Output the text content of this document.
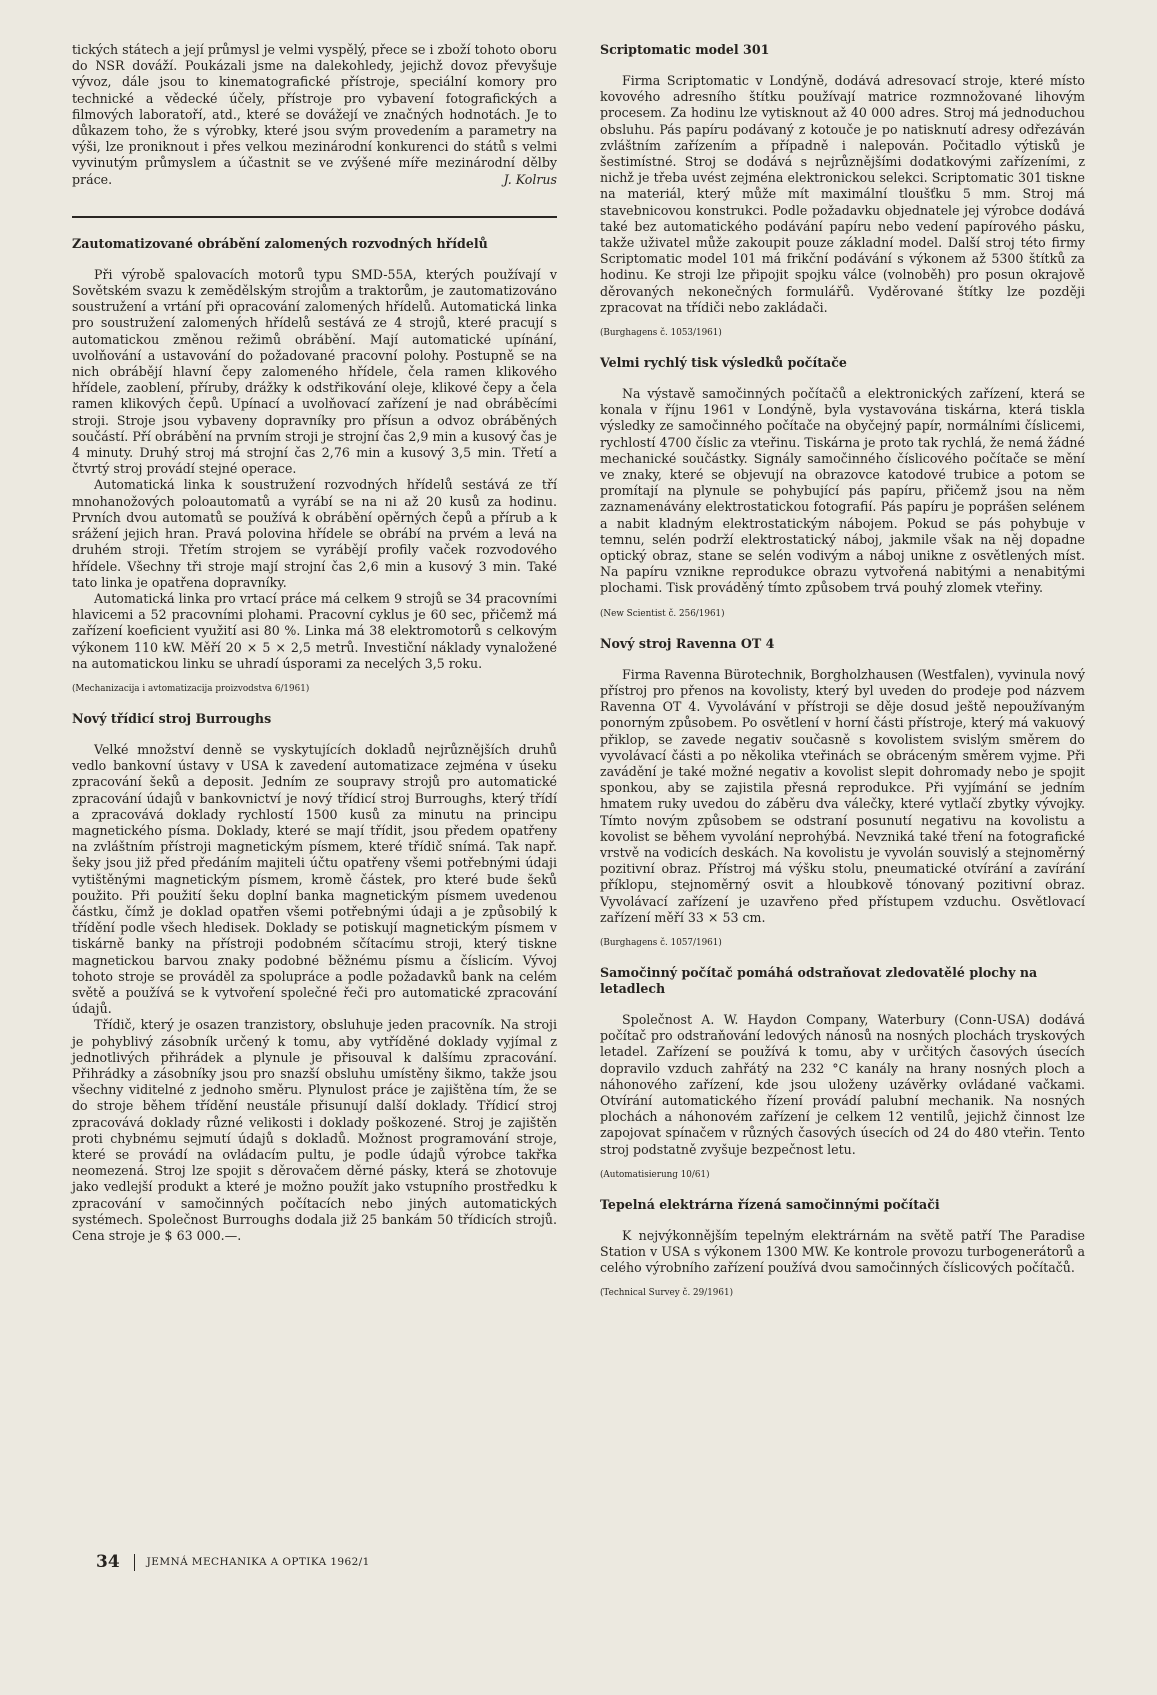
tických státech a její průmysl je velmi vyspělý, přece se i zboží tohoto oboru do NSR dováží. Poukázali jsme na dalekohledy, jejichž dovoz převyšuje vývoz, dále jsou to kinematografické přístroje, speciální komory pro technické a vědecké účely, přístroje pro vybavení fotografických a filmových laboratoří, atd., které se dovážejí ve značných hodnotách. Je to důkazem toho, že s výrobky, které jsou svým provedením a parametry na výši, lze proniknout i přes velkou mezinárodní konkurenci do států s velmi vyvinutým průmyslem a účastnit se ve zvýšené míře mezinárodní dělby práce.	J. Kolrus

Zautomatizované obrábění zalomených rozvodných hřídelů

Při výrobě spalovacích motorů typu SMD-55A, kterých používají v Sovětském svazu k zemědělským strojům a traktorům, je zautomatizováno soustružení a vrtání při opracování zalomených hřídelů. Automatická linka pro soustružení zalomených hřídelů sestává ze 4 strojů, které pracují s automatickou změnou režimů obrábění. Mají automatické upínání, uvolňování a ustavování do požadované pracovní polohy. Postupně se na nich obrábějí hlavní čepy zalomeného hřídele, čela ramen klikového hřídele, zaoblení, příruby, drážky k odstřikování oleje, klikové čepy a čela ramen klikových čepů. Upínací a uvolňovací zařízení je nad obráběcími stroji. Stroje jsou vybaveny dopravníky pro přísun a odvoz obráběných součástí. Pří obrábění na prvním stroji je strojní čas 2,9 min a kusový čas je 4 minuty. Druhý stroj má strojní čas 2,76 min a kusový 3,5 min. Třetí a čtvrtý stroj provádí stejné operace.

Automatická linka k soustružení rozvodných hřídelů sestává ze tří mnohanožových poloautomatů a vyrábí se na ni až 20 kusů za hodinu. Prvních dvou automatů se používá k obrábění opěrných čepů a přírub a k srážení jejich hran. Pravá polovina hřídele se obrábí na prvém a levá na druhém stroji. Třetím strojem se vyrábějí profily vaček rozvodového hřídele. Všechny tři stroje mají strojní čas 2,6 min a kusový 3 min. Také tato linka je opatřena dopravníky.

Automatická linka pro vrtací práce má celkem 9 strojů se 34 pracovními hlavicemi a 52 pracovními plohami. Pracovní cyklus je 60 sec, přičemž má zařízení koeficient využití asi 80 %. Linka má 38 elektromotorů s celkovým výkonem 110 kW. Měří 20 × 5 × 2,5 metrů. Investiční náklady vynaložené na automatickou linku se uhradí úsporami za necelých 3,5 roku.

(Mechanizacija i avtomatizacija proizvodstva 6/1961)

Nový třídicí stroj Burroughs

Velké množství denně se vyskytujících dokladů nejrůznějších druhů vedlo bankovní ústavy v USA k zavedení automatizace zejména v úseku zpracování šeků a deposit. Jedním ze soupravy strojů pro automatické zpracování údajů v bankovnictví je nový třídicí stroj Burroughs, který třídí a zpracovává doklady rychlostí 1500 kusů za minutu na principu magnetického písma. Doklady, které se mají třídit, jsou předem opatřeny na zvláštním přístroji magnetickým písmem, které třídič snímá. Tak např. šeky jsou již před předáním majiteli účtu opatřeny všemi potřebnými údaji vytištěnými magnetickým písmem, kromě částek, pro které bude šeků použito. Při použití šeku doplní banka magnetickým písmem uvedenou částku, čímž je doklad opatřen všemi potřebnými údaji a je způsobilý k třídění podle všech hledisek. Doklady se potiskují magnetickým písmem v tiskárně banky na přístroji podobném sčítacímu stroji, který tiskne magnetickou barvou znaky podobné běžnému písmu a číslicím. Vývoj tohoto stroje se prováděl za spolupráce a podle požadavků bank na celém světě a používá se k vytvoření společné řeči pro automatické zpracování údajů.

Třídič, který je osazen tranzistory, obsluhuje jeden pracovník. Na stroji je pohyblivý zásobník určený k tomu, aby vytříděné doklady vyjímal z jednotlivých přihrádek a plynule je přisouval k dalšímu zpracování. Přihrádky a zásobníky jsou pro snazší obsluhu umístěny šikmo, takže jsou všechny viditelné z jednoho směru. Plynulost práce je zajištěna tím, že se do stroje během třídění neustále přisunují další doklady. Třídicí stroj zpracovává doklady různé velikosti i doklady poškozené. Stroj je zajištěn proti chybnému sejmutí údajů s dokladů. Možnost programování stroje, které se provádí na ovládacím pultu, je podle údajů výrobce takřka neomezená. Stroj lze spojit s děrovačem děrné pásky, která se zhotovuje jako vedlejší produkt a které je možno použít jako vstupního prostředku k zpracování v samočinných počítacích nebo jiných automatických systémech. Společnost Burroughs dodala již 25 bankám 50 třídicích strojů. Cena stroje je $ 63 000.—.

Scriptomatic model 301

Firma Scriptomatic v Londýně, dodává adresovací stroje, které místo kovového adresního štítku používají matrice rozmnožované lihovým procesem. Za hodinu lze vytisknout až 40 000 adres. Stroj má jednoduchou obsluhu. Pás papíru podávaný z kotouče je po natisknutí adresy odřezáván zvláštním zařízením a případně i nalepován. Počitadlo výtisků je šestimístné. Stroj se dodává s nejrůznějšími dodatkovými zařízeními, z nichž je třeba uvést zejména elektronickou selekci. Scriptomatic 301 tiskne na materiál, který může mít maximální tloušťku 5 mm. Stroj má stavebnicovou konstrukci. Podle požadavku objednatele jej výrobce dodává také bez automatického podávání papíru nebo vedení papírového pásku, takže uživatel může zakoupit pouze základní model. Další stroj této firmy Scriptomatic model 101 má frikční podávání s výkonem až 5300 štítků za hodinu. Ke stroji lze připojit spojku válce (volnoběh) pro posun okrajově děrovaných nekonečných formulářů. Vyděrované štítky lze později zpracovat na třídiči nebo zakládači.

(Burghagens č. 1053/1961)

Velmi rychlý tisk výsledků počítače

Na výstavě samočinných počítačů a elektronických zařízení, která se konala v říjnu 1961 v Londýně, byla vystavována tiskárna, která tiskla výsledky ze samočinného počítače na obyčejný papír, normálními číslicemi, rychlostí 4700 číslic za vteřinu. Tiskárna je proto tak rychlá, že nemá žádné mechanické součástky. Signály samočinného číslicového počítače se mění ve znaky, které se objevují na obrazovce katodové trubice a potom se promítají na plynule se pohybující pás papíru, přičemž jsou na něm zaznamenávány elektrostatickou fotografií. Pás papíru je poprášen selénem a nabit kladným elektrostatickým nábojem. Pokud se pás pohybuje v temnu, selén podrží elektrostatický náboj, jakmile však na něj dopadne optický obraz, stane se selén vodivým a náboj unikne z osvětlených míst. Na papíru vznikne reprodukce obrazu vytvořená nabitými a nenabitými plochami. Tisk prováděný tímto způsobem trvá pouhý zlomek vteřiny.

(New Scientist č. 256/1961)

Nový stroj Ravenna OT 4

Firma Ravenna Bürotechnik, Borgholzhausen (Westfalen), vyvinula nový přístroj pro přenos na kovolisty, který byl uveden do prodeje pod názvem Ravenna OT 4. Vyvolávání v přístroji se děje dosud ještě nepoužívaným ponorným způsobem. Po osvětlení v horní části přístroje, který má vakuový přiklop, se zavede negativ současně s kovolistem svislým směrem do vyvolávací části a po několika vteřinách se obráceným směrem vyjme. Při zavádění je také možné negativ a kovolist slepit dohromady nebo je spojit sponkou, aby se zajistila přesná reprodukce. Při vyjímání se jedním hmatem ruky uvedou do záběru dva válečky, které vytlačí zbytky vývojky. Tímto novým způsobem se odstraní posunutí negativu na kovolistu a kovolist se během vyvolání neprohýbá. Nevzniká také tření na fotografické vrstvě na vodicích deskách. Na kovolistu je vyvolán souvislý a stejnoměrný pozitivní obraz. Přístroj má výšku stolu, pneumatické otvírání a zavírání příklopu, stejnoměrný osvit a hloubkově tónovaný pozitivní obraz. Vyvolávací zařízení je uzavřeno před přístupem vzduchu. Osvětlovací zařízení měří 33 × 53 cm.

(Burghagens č. 1057/1961)

Samočinný počítač pomáhá odstraňovat zledovatělé plochy na letadlech

Společnost A. W. Haydon Company, Waterbury (Conn-USA) dodává počítač pro odstraňování ledových nánosů na nosných plochách tryskových letadel. Zařízení se používá k tomu, aby v určitých časových úsecích dopravilo vzduch zahřátý na 232 °C kanály na hrany nosných ploch a náhonového zařízení, kde jsou uloženy uzávěrky ovládané vačkami. Otvírání automatického řízení provádí palubní mechanik. Na nosných plochách a náhonovém zařízení je celkem 12 ventilů, jejichž činnost lze zapojovat spínačem v různých časových úsecích od 24 do 480 vteřin. Tento stroj podstatně zvyšuje bezpečnost letu.

(Automatisierung 10/61)

Tepelná elektrárna řízená samočinnými počítači

K nejvýkonnějším tepelným elektrárnám na světě patří The Paradise Station v USA s výkonem 1300 MW. Ke kontrole provozu turbogenerátorů a celého výrobního zařízení používá dvou samočinných číslicových počítačů.

(Technical Survey č. 29/1961)

34	JEMNÁ MECHANIKA A OPTIKA 1962/1
